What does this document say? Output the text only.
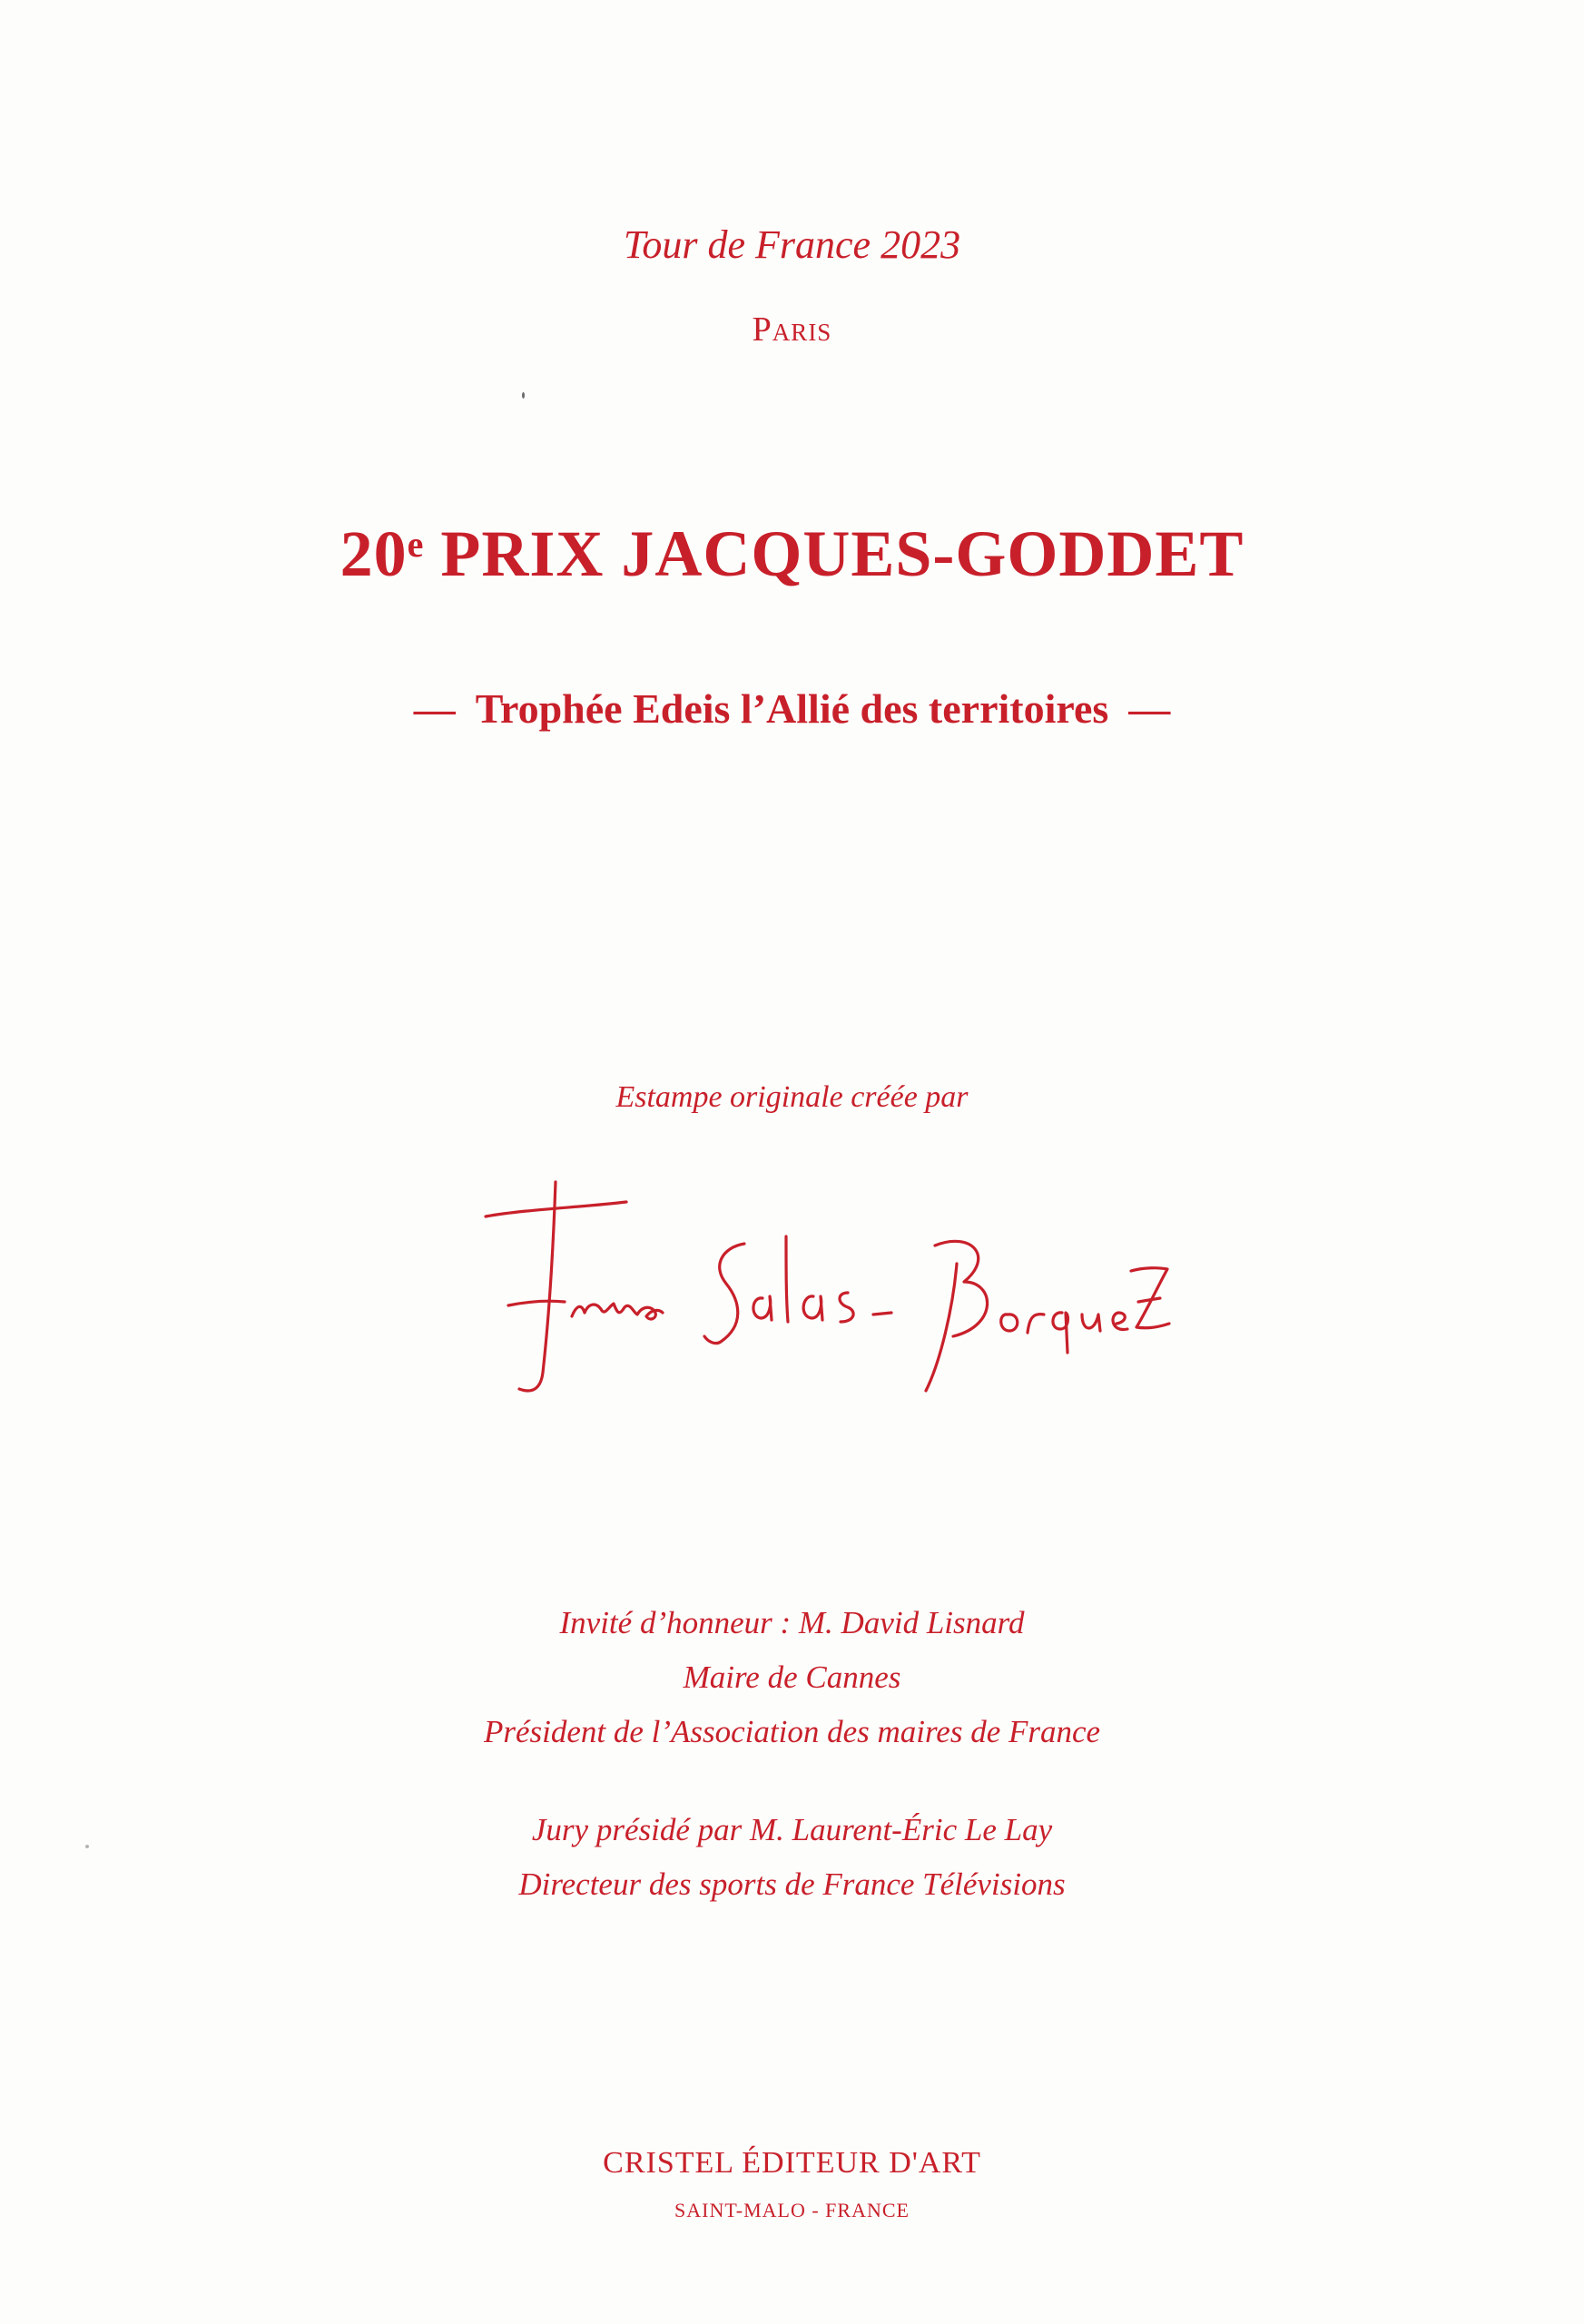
Tour de France 2023
Paris
20e PRIX JACQUES-GODDET
— Trophée Edeis l’Allié des territoires —
Estampe originale créée par
Invité d’honneur : M. David Lisnard
Maire de Cannes
Président de l’Association des maires de France
Jury présidé par M. Laurent-Éric Le Lay
Directeur des sports de France Télévisions
CRISTEL ÉDITEUR D'ART
SAINT-MALO - FRANCE
